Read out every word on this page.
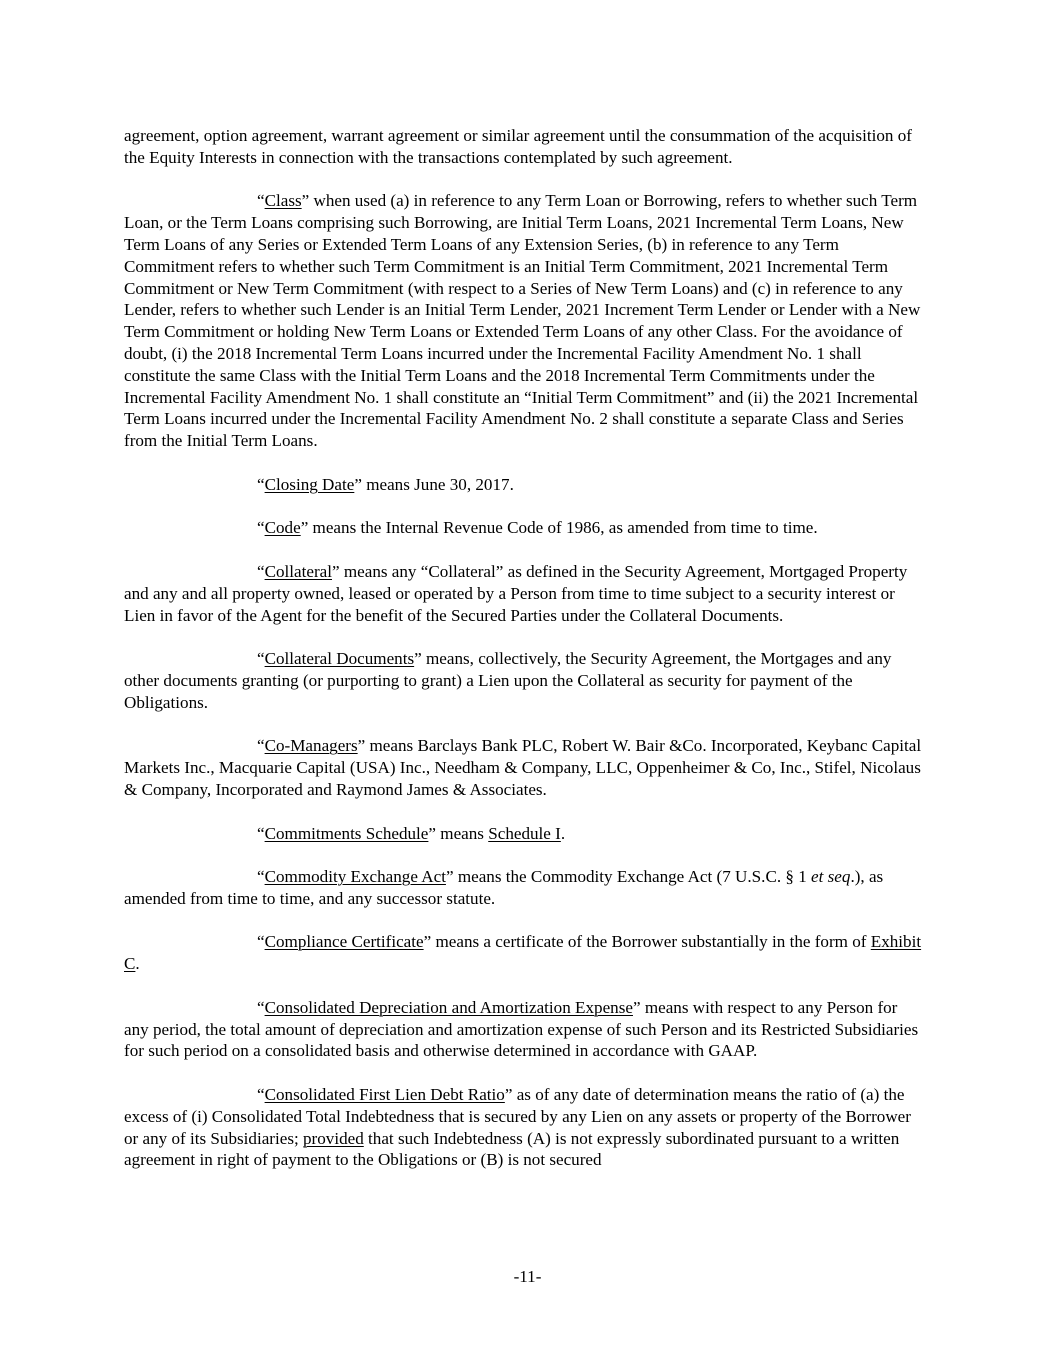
agreement, option agreement, warrant agreement or similar agreement until the consummation of the acquisition of the Equity Interests in connection with the transactions contemplated by such agreement.

“Class” when used (a) in reference to any Term Loan or Borrowing, refers to whether such Term Loan, or the Term Loans comprising such Borrowing, are Initial Term Loans, 2021 Incremental Term Loans, New Term Loans of any Series or Extended Term Loans of any Extension Series, (b) in reference to any Term Commitment refers to whether such Term Commitment is an Initial Term Commitment, 2021 Incremental Term Commitment or New Term Commitment (with respect to a Series of New Term Loans) and (c) in reference to any Lender, refers to whether such Lender is an Initial Term Lender, 2021 Increment Term Lender or Lender with a New Term Commitment or holding New Term Loans or Extended Term Loans of any other Class. For the avoidance of doubt, (i) the 2018 Incremental Term Loans incurred under the Incremental Facility Amendment No. 1 shall constitute the same Class with the Initial Term Loans and the 2018 Incremental Term Commitments under the Incremental Facility Amendment No. 1 shall constitute an “Initial Term Commitment” and (ii) the 2021 Incremental Term Loans incurred under the Incremental Facility Amendment No. 2 shall constitute a separate Class and Series from the Initial Term Loans.

“Closing Date” means June 30, 2017.

“Code” means the Internal Revenue Code of 1986, as amended from time to time.

“Collateral” means any “Collateral” as defined in the Security Agreement, Mortgaged Property and any and all property owned, leased or operated by a Person from time to time subject to a security interest or Lien in favor of the Agent for the benefit of the Secured Parties under the Collateral Documents.

“Collateral Documents” means, collectively, the Security Agreement, the Mortgages and any other documents granting (or purporting to grant) a Lien upon the Collateral as security for payment of the Obligations.

“Co-Managers” means Barclays Bank PLC, Robert W. Bair &Co. Incorporated, Keybanc Capital Markets Inc., Macquarie Capital (USA) Inc., Needham & Company, LLC, Oppenheimer & Co, Inc., Stifel, Nicolaus & Company, Incorporated and Raymond James & Associates.

“Commitments Schedule” means Schedule I.

“Commodity Exchange Act” means the Commodity Exchange Act (7 U.S.C. § 1 et seq.), as amended from time to time, and any successor statute.

“Compliance Certificate” means a certificate of the Borrower substantially in the form of Exhibit C.

“Consolidated Depreciation and Amortization Expense” means with respect to any Person for any period, the total amount of depreciation and amortization expense of such Person and its Restricted Subsidiaries for such period on a consolidated basis and otherwise determined in accordance with GAAP.

“Consolidated First Lien Debt Ratio” as of any date of determination means the ratio of (a) the excess of (i) Consolidated Total Indebtedness that is secured by any Lien on any assets or property of the Borrower or any of its Subsidiaries; provided that such Indebtedness (A) is not expressly subordinated pursuant to a written agreement in right of payment to the Obligations or (B) is not secured

-11-
